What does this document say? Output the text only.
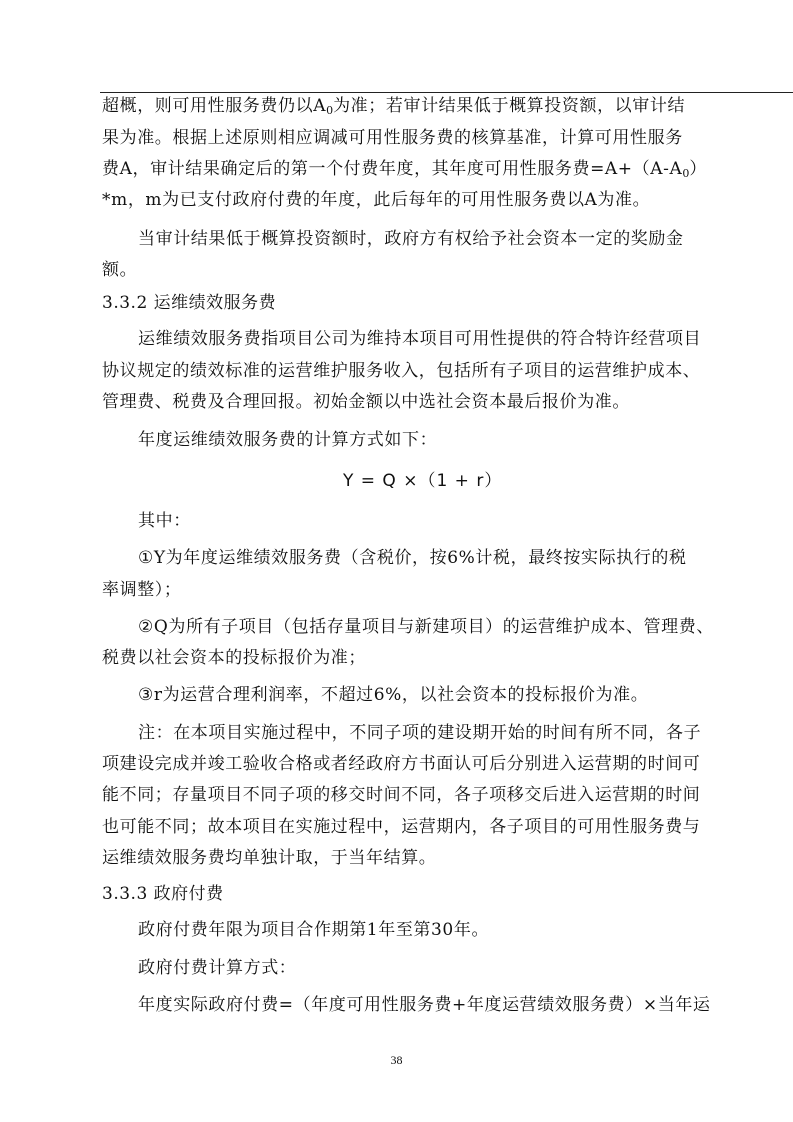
超概，则可用性服务费仍以$A_0$为准；若审计结果低于概算投资额，以审计结
果为准。根据上述原则相应调减可用性服务费的核算基准，计算可用性服务
费A，审计结果确定后的第一个付费年度，其年度可用性服务费$=A+(A-A_0)$
*m，m为已支付政府付费的年度，此后每年的可用性服务费以A为准。
当审计结果低于概算投资额时，政府方有权给予社会资本一定的奖励金
额。
3.3.2 运维绩效服务费
运维绩效服务费指项目公司为维持本项目可用性提供的符合特许经营项目
协议规定的绩效标准的运营维护服务收入，包括所有子项目的运营维护成本、
管理费、税费及合理回报。初始金额以中选社会资本最后报价为准。
年度运维绩效服务费的计算方式如下：
Y = Q ×（1 + r）
其中：
①Y为年度运维绩效服务费（含税价，按6%计税，最终按实际执行的税
率调整）；
②Q为所有子项目（包括存量项目与新建项目）的运营维护成本、管理费、
税费以社会资本的投标报价为准；
③r为运营合理利润率，不超过6%，以社会资本的投标报价为准。
注：在本项目实施过程中，不同子项的建设期开始的时间有所不同，各子
项建设完成并竣工验收合格或者经政府方书面认可后分别进入运营期的时间可
能不同；存量项目不同子项的移交时间不同，各子项移交后进入运营期的时间
也可能不同；故本项目在实施过程中，运营期内，各子项目的可用性服务费与
运维绩效服务费均单独计取，于当年结算。
3.3.3 政府付费
政府付费年限为项目合作期第1年至第30年。
政府付费计算方式：
年度实际政府付费=（年度可用性服务费+年度运营绩效服务费）×当年运
38
